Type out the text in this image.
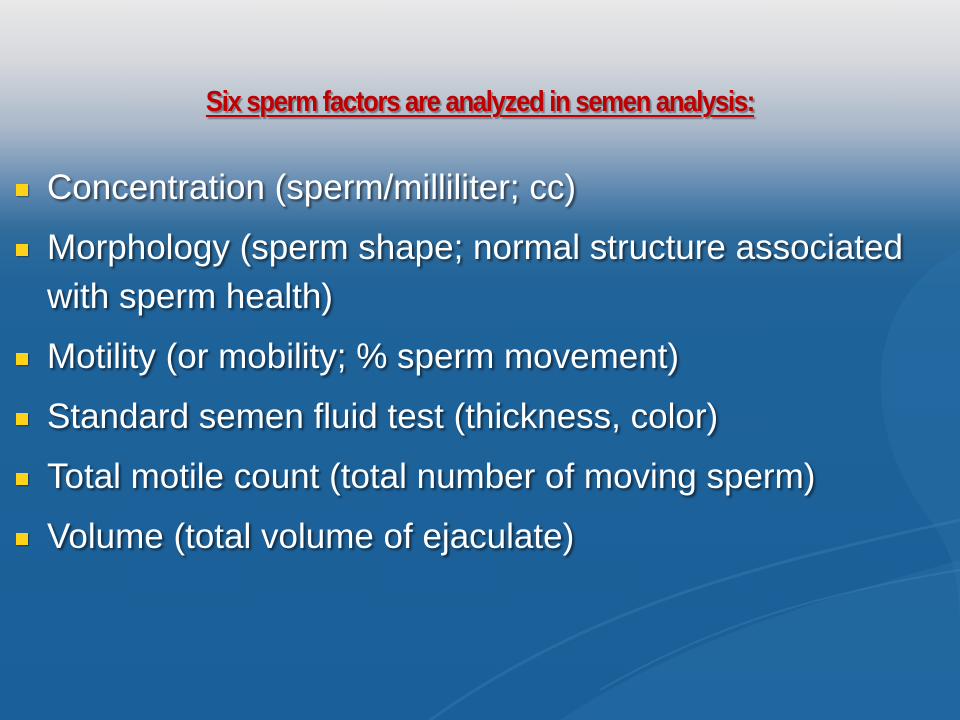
Six sperm factors are analyzed in semen analysis:
Concentration (sperm/milliliter; cc)
Morphology (sperm shape; normal structure associated with sperm health)
Motility (or mobility; % sperm movement)
Standard semen fluid test (thickness, color)
Total motile count (total number of moving sperm)
Volume (total volume of ejaculate)
